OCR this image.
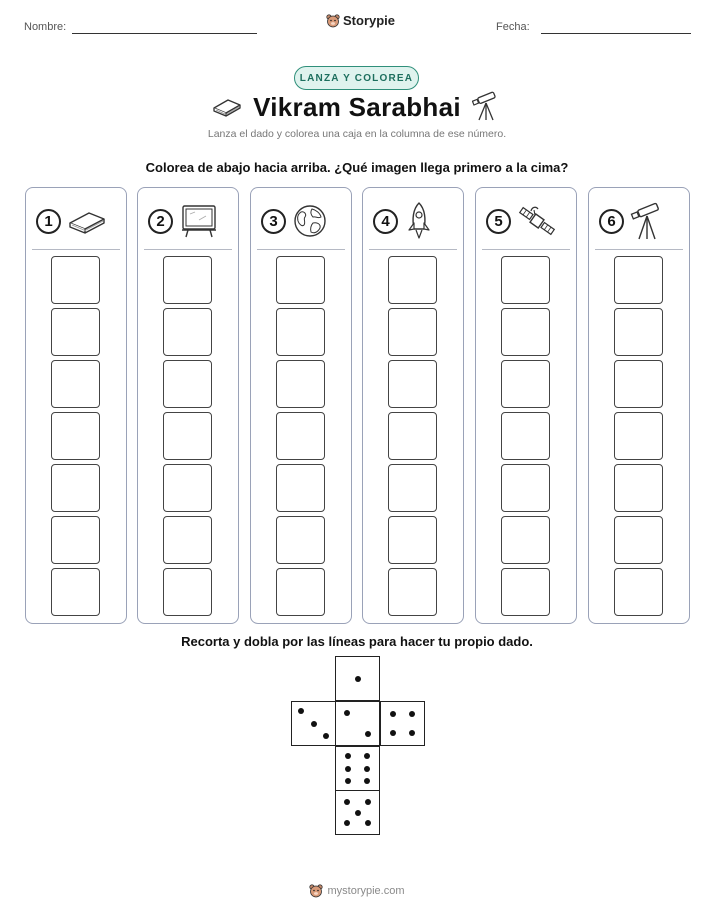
Nombre:	Storypie	Fecha:
LANZA Y COLOREA
Vikram Sarabhai
Lanza el dado y colorea una caja en la columna de ese número.
Colorea de abajo hacia arriba. ¿Qué imagen llega primero a la cima?
1	2	3	4	5	6
Recorta y dobla por las líneas para hacer tu propio dado.
mystorypie.com
